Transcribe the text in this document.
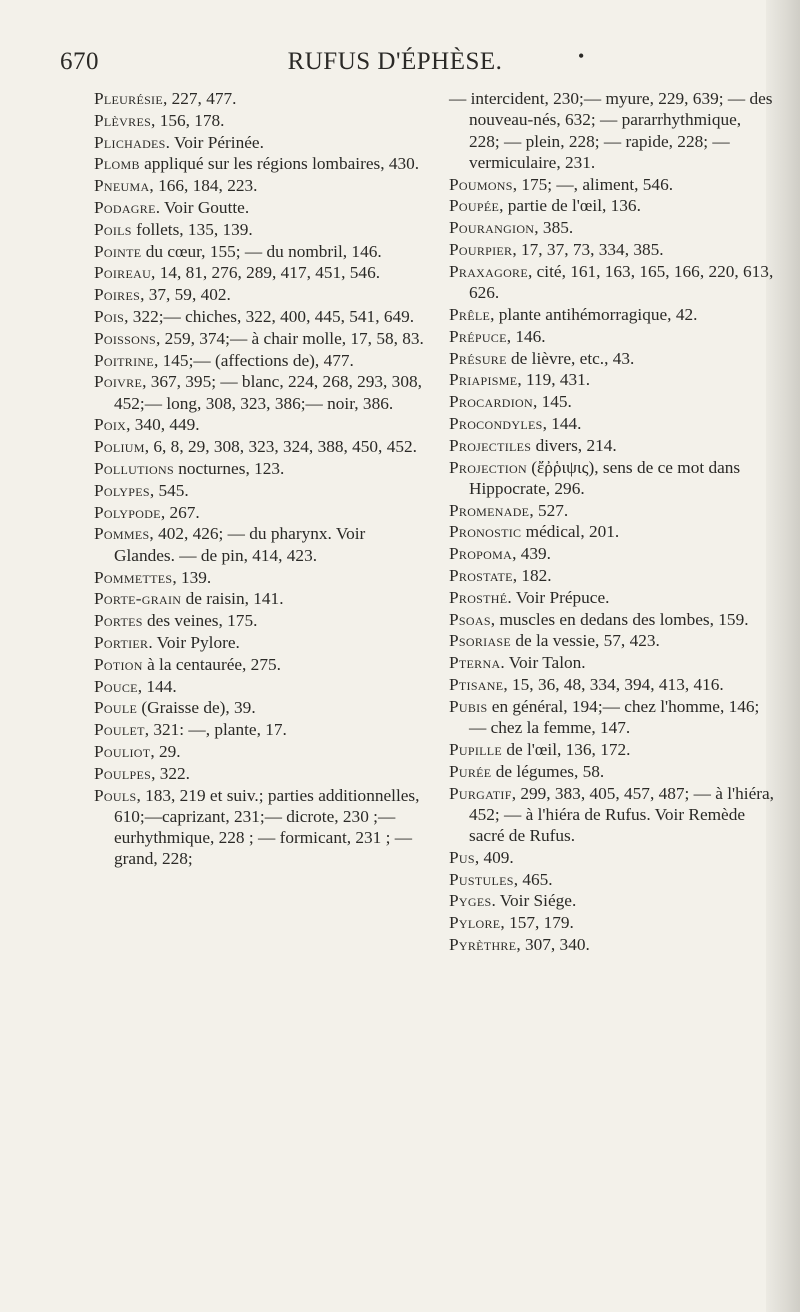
670	RUFUS D'ÉPHÈSE.	•
Pleurésie, 227, 477.
Plèvres, 156, 178.
Plichades. Voir Périnée.
Plomb appliqué sur les régions lombaires, 430.
Pneuma, 166, 184, 223.
Podagre. Voir Goutte.
Poils follets, 135, 139.
Pointe du cœur, 155; — du nombril, 146.
Poireau, 14, 81, 276, 289, 417, 451, 546.
Poires, 37, 59, 402.
Pois, 322;— chiches, 322, 400, 445, 541, 649.
Poissons, 259, 374;— à chair molle, 17, 58, 83.
Poitrine, 145;— (affections de), 477.
Poivre, 367, 395; — blanc, 224, 268, 293, 308, 452;— long, 308, 323, 386;— noir, 386.
Poix, 340, 449.
Polium, 6, 8, 29, 308, 323, 324, 388, 450, 452.
Pollutions nocturnes, 123.
Polypes, 545.
Polypode, 267.
Pommes, 402, 426; — du pharynx. Voir Glandes. — de pin, 414, 423.
Pommettes, 139.
Porte-grain de raisin, 141.
Portes des veines, 175.
Portier. Voir Pylore.
Potion à la centaurée, 275.
Pouce, 144.
Poule (Graisse de), 39.
Poulet, 321: —, plante, 17.
Pouliot, 29.
Poulpes, 322.
Pouls, 183, 219 et suiv.; parties additionnelles, 610;—caprizant, 231;— dicrote, 230 ;—eurhythmique, 228 ; — formicant, 231 ; — grand, 228;
— intercident, 230;— myure, 229, 639; — des nouveau-nés, 632; — pararrhythmique, 228; — plein, 228; — rapide, 228; — vermiculaire, 231.
Poumons, 175; —, aliment, 546.
Poupée, partie de l'œil, 136.
Pourangion, 385.
Pourpier, 17, 37, 73, 334, 385.
Praxagore, cité, 161, 163, 165, 166, 220, 613, 626.
Prêle, plante antihémorragique, 42.
Prépuce, 146.
Présure de lièvre, etc., 43.
Priapisme, 119, 431.
Procardion, 145.
Procondyles, 144.
Projectiles divers, 214.
Projection (ἔῤῥιψις), sens de ce mot dans Hippocrate, 296.
Promenade, 527.
Pronostic médical, 201.
Propoma, 439.
Prostate, 182.
Prosthé. Voir Prépuce.
Psoas, muscles en dedans des lombes, 159.
Psoriase de la vessie, 57, 423.
Pterna. Voir Talon.
Ptisane, 15, 36, 48, 334, 394, 413, 416.
Pubis en général, 194;— chez l'homme, 146;— chez la femme, 147.
Pupille de l'œil, 136, 172.
Purée de légumes, 58.
Purgatif, 299, 383, 405, 457, 487; — à l'hiéra, 452; — à l'hiéra de Rufus. Voir Remède sacré de Rufus.
Pus, 409.
Pustules, 465.
Pyges. Voir Siége.
Pylore, 157, 179.
Pyrèthre, 307, 340.
